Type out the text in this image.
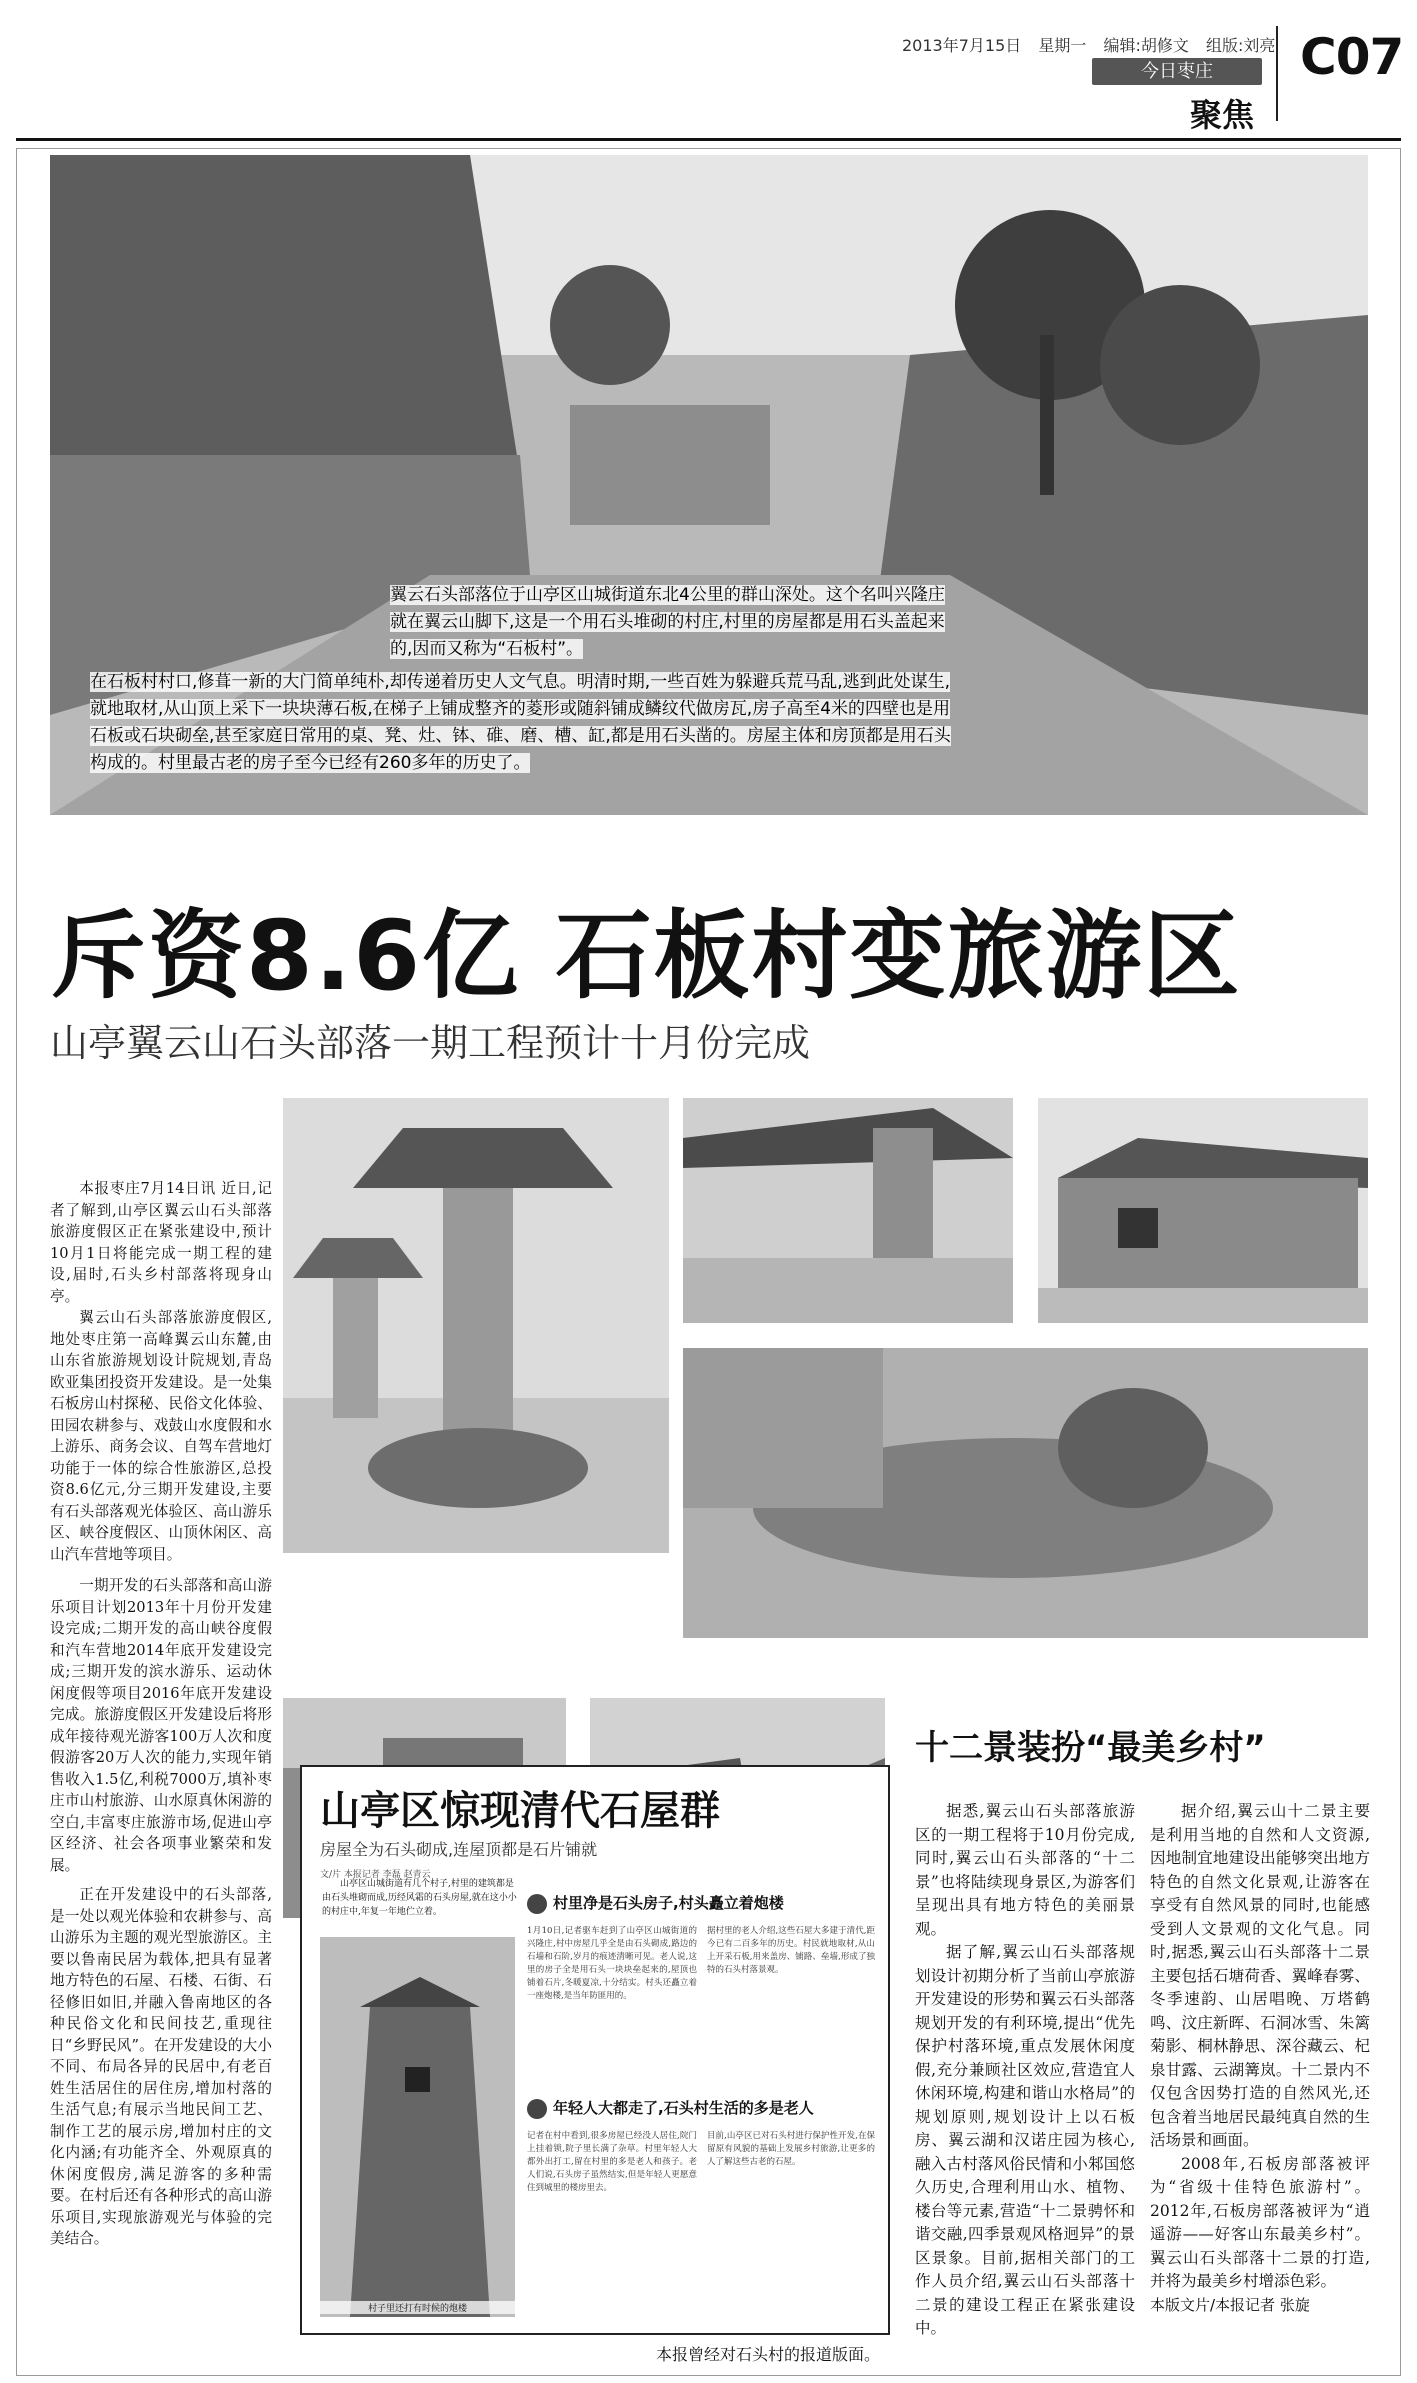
2013年7月15日 星期一 编辑:胡修文 组版:刘亮
今日枣庄
聚焦
C07

翼云石头部落位于山亭区山城街道东北4公里的群山深处。这个名叫兴隆庄就在翼云山脚下,这是一个用石头堆砌的村庄,村里的房屋都是用石头盖起来的,因而又称为“石板村”。

在石板村村口,修葺一新的大门简单纯朴,却传递着历史人文气息。明清时期,一些百姓为躲避兵荒马乱,逃到此处谋生,就地取材,从山顶上采下一块块薄石板,在梯子上铺成整齐的菱形或随斜铺成鳞纹代做房瓦,房子高至4米的四壁也是用石板或石块砌垒,甚至家庭日常用的桌、凳、灶、钵、碓、磨、槽、缸,都是用石头凿的。房屋主体和房顶都是用石头构成的。村里最古老的房子至今已经有260多年的历史了。

斥资8.6亿 石板村变旅游区
山亭翼云山石头部落一期工程预计十月份完成

本报枣庄7月14日讯 近日,记者了解到,山亭区翼云山石头部落旅游度假区正在紧张建设中,预计10月1日将能完成一期工程的建设,届时,石头乡村部落将现身山亭。

翼云山石头部落旅游度假区,地处枣庄第一高峰翼云山东麓,由山东省旅游规划设计院规划,青岛欧亚集团投资开发建设。是一处集石板房山村探秘、民俗文化体验、田园农耕参与、戏鼓山水度假和水上游乐、商务会议、自驾车营地灯功能于一体的综合性旅游区,总投资8.6亿元,分三期开发建设,主要有石头部落观光体验区、高山游乐区、峡谷度假区、山顶休闲区、高山汽车营地等项目。

一期开发的石头部落和高山游乐项目计划2013年十月份开发建设完成;二期开发的高山峡谷度假和汽车营地2014年底开发建设完成;三期开发的滨水游乐、运动休闲度假等项目2016年底开发建设完成。旅游度假区开发建设后将形成年接待观光游客100万人次和度假游客20万人次的能力,实现年销售收入1.5亿,利税7000万,填补枣庄市山村旅游、山水原真休闲游的空白,丰富枣庄旅游市场,促进山亭区经济、社会各项事业繁荣和发展。

正在开发建设中的石头部落,是一处以观光体验和农耕参与、高山游乐为主题的观光型旅游区。主要以鲁南民居为载体,把具有显著地方特色的石屋、石楼、石街、石径修旧如旧,并融入鲁南地区的各种民俗文化和民间技艺,重现往日“乡野民风”。在开发建设的大小不同、布局各异的民居中,有老百姓生活居住的居住房,增加村落的生活气息;有展示当地民间工艺、制作工艺的展示房,增加村庄的文化内涵;有功能齐全、外观原真的休闲度假房,满足游客的多种需要。在村后还有各种形式的高山游乐项目,实现旅游观光与体验的完美结合。

山亭区惊现清代石屋群
房屋全为石头砌成,连屋顶都是石片铺就
文/片 本报记者 李磊 赵青云
山亭区山城街道有几个村子,村里的建筑都是由石头堆砌而成,历经风霜的石头房屋,就在这小小的村庄中,年复一年地伫立着。
村子里还打有时候的炮楼
村里净是石头房子,村头矗立着炮楼
1月10日,记者驱车赶到了山亭区山城街道的兴隆庄,村中房屋几乎全是由石头砌成,路边的石墙和石阶,岁月的痕迹清晰可见。老人说,这里的房子全是用石头一块块垒起来的,屋顶也铺着石片,冬暖夏凉,十分结实。村头还矗立着一座炮楼,是当年防匪用的。
据村里的老人介绍,这些石屋大多建于清代,距今已有二百多年的历史。村民就地取材,从山上开采石板,用来盖房、铺路、垒墙,形成了独特的石头村落景观。
年轻人大都走了,石头村生活的多是老人
记者在村中看到,很多房屋已经没人居住,院门上挂着锁,院子里长满了杂草。村里年轻人大都外出打工,留在村里的多是老人和孩子。老人们说,石头房子虽然结实,但是年轻人更愿意住到城里的楼房里去。
目前,山亭区已对石头村进行保护性开发,在保留原有风貌的基础上发展乡村旅游,让更多的人了解这些古老的石屋。
本报曾经对石头村的报道版面。
十二景装扮“最美乡村”

据悉,翼云山石头部落旅游区的一期工程将于10月份完成,同时,翼云山石头部落的“十二景”也将陆续现身景区,为游客们呈现出具有地方特色的美丽景观。

据了解,翼云山石头部落规划设计初期分析了当前山亭旅游开发建设的形势和翼云石头部落规划开发的有利环境,提出“优先保护村落环境,重点发展休闲度假,充分兼顾社区效应,营造宜人休闲环境,构建和谐山水格局”的规划原则,规划设计上以石板房、翼云湖和汉诺庄园为核心,融入古村落风俗民情和小邾国悠久历史,合理利用山水、植物、楼台等元素,营造“十二景骋怀和谐交融,四季景观风格迥异”的景区景象。目前,据相关部门的工作人员介绍,翼云山石头部落十二景的建设工程正在紧张建设中。

据介绍,翼云山十二景主要是利用当地的自然和人文资源,因地制宜地建设出能够突出地方特色的自然文化景观,让游客在享受有自然风景的同时,也能感受到人文景观的文化气息。同时,据悉,翼云山石头部落十二景主要包括石塘荷香、翼峰春雾、冬季速韵、山居唱晚、万塔鹤鸣、汶庄新晖、石洞冰雪、朱篱菊影、桐林静思、深谷藏云、杞泉甘露、云湖篝岚。十二景内不仅包含因势打造的自然风光,还包含着当地居民最纯真自然的生活场景和画面。

2008年,石板房部落被评为“省级十佳特色旅游村”。2012年,石板房部落被评为“逍遥游——好客山东最美乡村”。翼云山石头部落十二景的打造,并将为最美乡村增添色彩。

本版文片/本报记者 张旋
